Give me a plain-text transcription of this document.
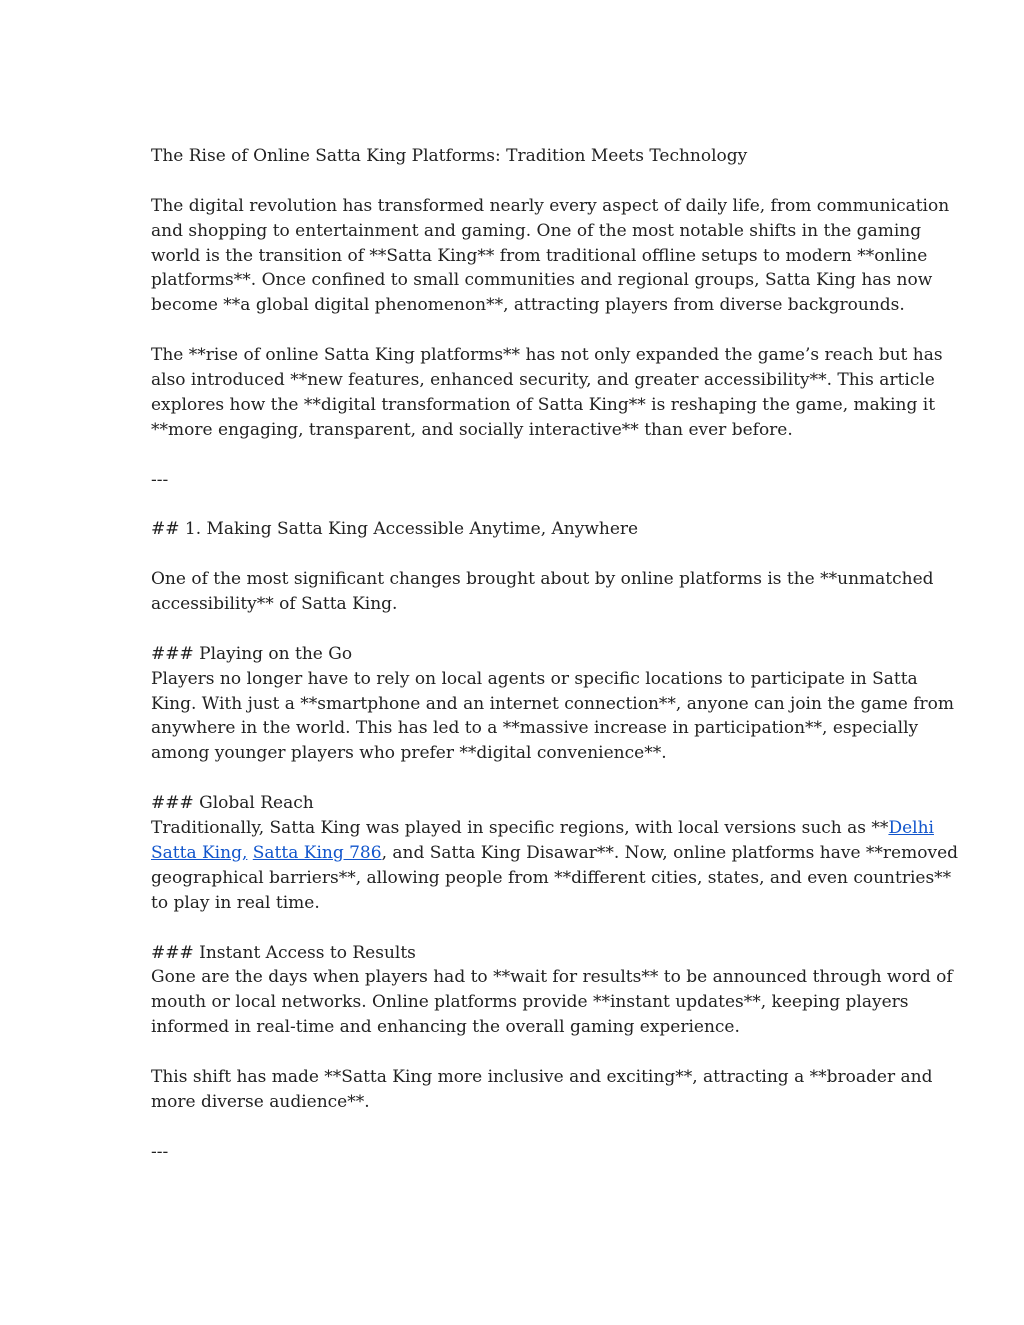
The Rise of Online Satta King Platforms: Tradition Meets Technology
The digital revolution has transformed nearly every aspect of daily life, from communication
and shopping to entertainment and gaming. One of the most notable shifts in the gaming
world is the transition of **Satta King** from traditional offline setups to modern **online
platforms**. Once confined to small communities and regional groups, Satta King has now
become **a global digital phenomenon**, attracting players from diverse backgrounds.
The **rise of online Satta King platforms** has not only expanded the game’s reach but has
also introduced **new features, enhanced security, and greater accessibility**. This article
explores how the **digital transformation of Satta King** is reshaping the game, making it
**more engaging, transparent, and socially interactive** than ever before.
---
## 1. Making Satta King Accessible Anytime, Anywhere
One of the most significant changes brought about by online platforms is the **unmatched
accessibility** of Satta King.
### Playing on the Go
Players no longer have to rely on local agents or specific locations to participate in Satta
King. With just a **smartphone and an internet connection**, anyone can join the game from
anywhere in the world. This has led to a **massive increase in participation**, especially
among younger players who prefer **digital convenience**.
### Global Reach
Traditionally, Satta King was played in specific regions, with local versions such as **Delhi
Satta King, Satta King 786, and Satta King Disawar**. Now, online platforms have **removed
geographical barriers**, allowing people from **different cities, states, and even countries**
to play in real time.
### Instant Access to Results
Gone are the days when players had to **wait for results** to be announced through word of
mouth or local networks. Online platforms provide **instant updates**, keeping players
informed in real-time and enhancing the overall gaming experience.
This shift has made **Satta King more inclusive and exciting**, attracting a **broader and
more diverse audience**.
---
